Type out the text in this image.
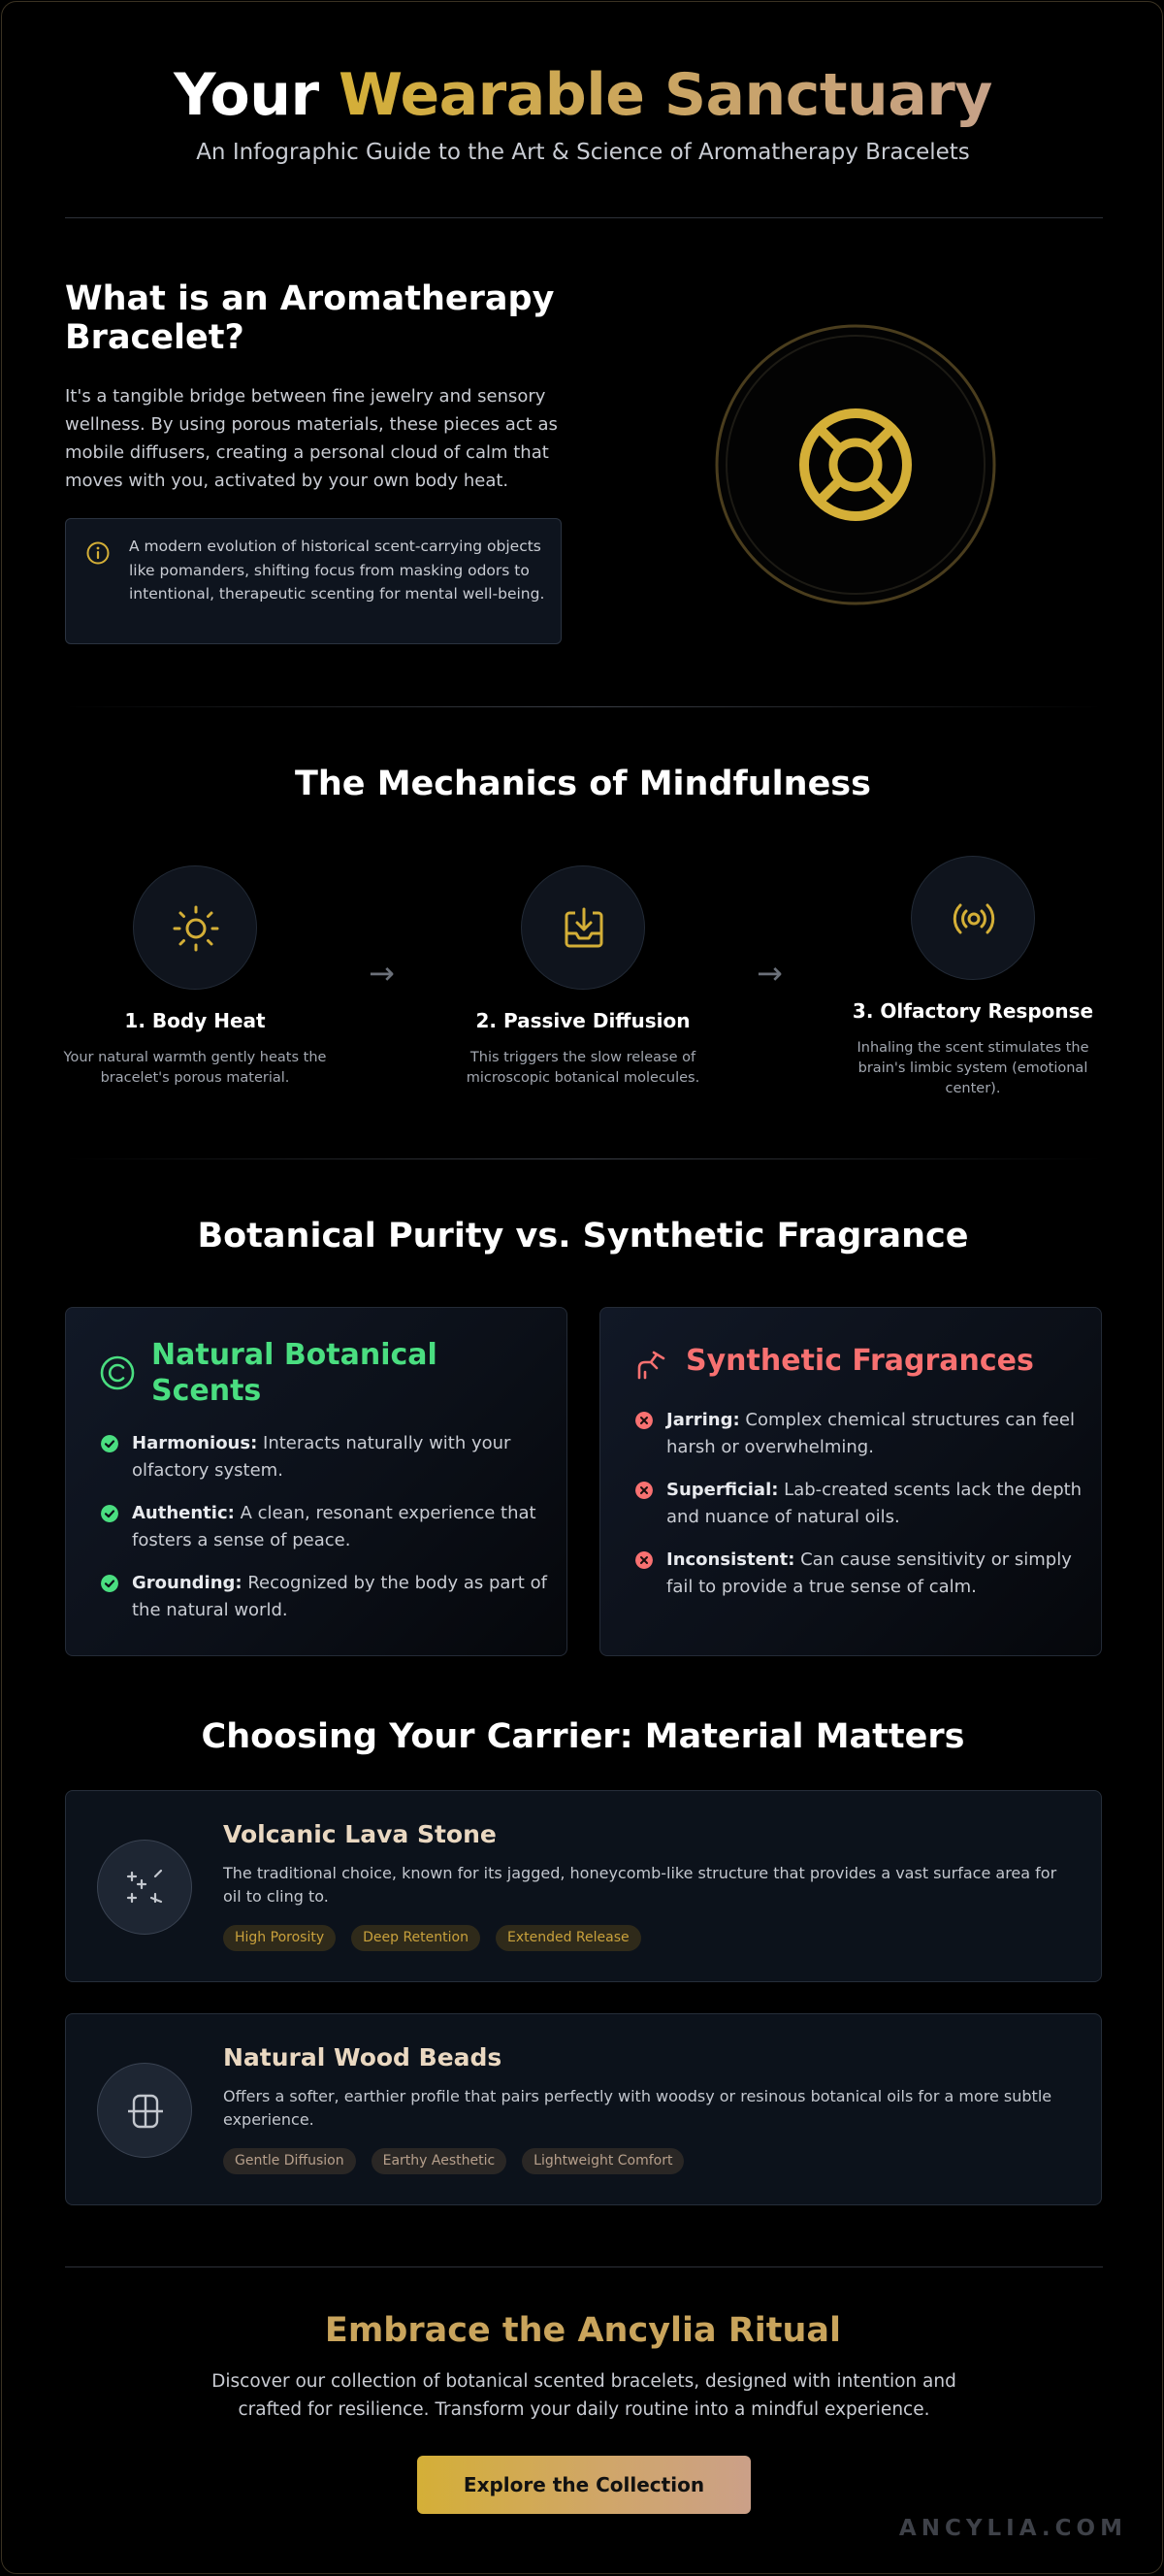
Your Wearable Sanctuary
An Infographic Guide to the Art & Science of Aromatherapy Bracelets
What is an Aromatherapy Bracelet?

It's a tangible bridge between fine jewelry and sensory wellness. By using porous materials, these pieces act as mobile diffusers, creating a personal cloud of calm that moves with you, activated by your own body heat.

A modern evolution of historical scent-carrying objects like pomanders, shifting focus from masking odors to intentional, therapeutic scenting for mental well-being.
The Mechanics of Mindfulness
1. Body Heat
Your natural warmth gently heats the bracelet's porous material.
→
2. Passive Diffusion
This triggers the slow release of microscopic botanical molecules.
→
3. Olfactory Response
Inhaling the scent stimulates the brain's limbic system (emotional center).
Botanical Purity vs. Synthetic Fragrance
Natural Botanical Scents
Harmonious: Interacts naturally with your olfactory system.
Authentic: A clean, resonant experience that fosters a sense of peace.
Grounding: Recognized by the body as part of the natural world.
Synthetic Fragrances
Jarring: Complex chemical structures can feel harsh or overwhelming.
Superficial: Lab-created scents lack the depth and nuance of natural oils.
Inconsistent: Can cause sensitivity or simply fail to provide a true sense of calm.
Choosing Your Carrier: Material Matters
Volcanic Lava Stone
The traditional choice, known for its jagged, honeycomb-like structure that provides a vast surface area for oil to cling to.
High Porosity	Deep Retention	Extended Release
Natural Wood Beads
Offers a softer, earthier profile that pairs perfectly with woodsy or resinous botanical oils for a more subtle experience.
Gentle Diffusion	Earthy Aesthetic	Lightweight Comfort
Embrace the Ancylia Ritual

Discover our collection of botanical scented bracelets, designed with intention and crafted for resilience. Transform your daily routine into a mindful experience.

Explore the Collection
ANCYLIA.COM
